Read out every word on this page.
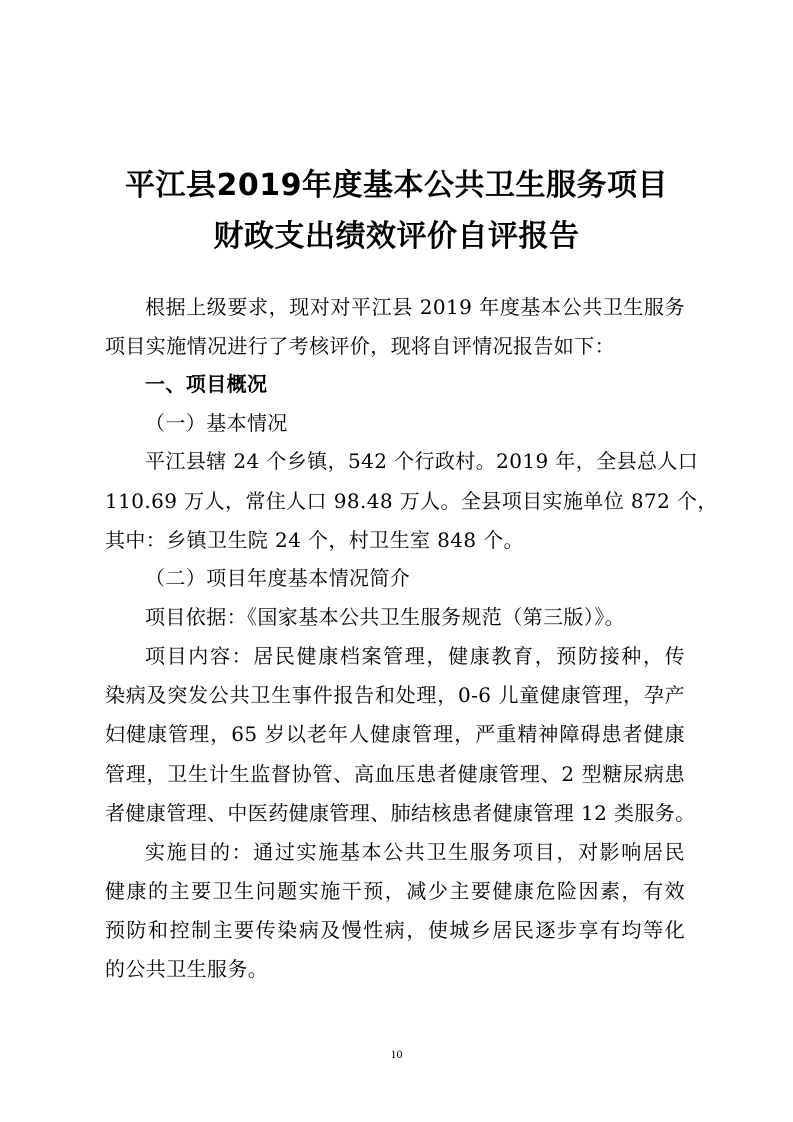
平江县2019年度基本公共卫生服务项目
财政支出绩效评价自评报告
根据上级要求，现对对平江县 2019 年度基本公共卫生服务
项目实施情况进行了考核评价，现将自评情况报告如下：
一、项目概况
（一）基本情况
平江县辖 24 个乡镇，542 个行政村。2019 年，全县总人口
110.69 万人，常住人口 98.48 万人。全县项目实施单位 872 个，
其中：乡镇卫生院 24 个，村卫生室 848 个。
（二）项目年度基本情况简介
项目依据：《国家基本公共卫生服务规范（第三版）》。
项目内容：居民健康档案管理，健康教育，预防接种，传
染病及突发公共卫生事件报告和处理，0-6 儿童健康管理，孕产
妇健康管理，65 岁以老年人健康管理，严重精神障碍患者健康
管理，卫生计生监督协管、高血压患者健康管理、2 型糖尿病患
者健康管理、中医药健康管理、肺结核患者健康管理 12 类服务。
实施目的：通过实施基本公共卫生服务项目，对影响居民
健康的主要卫生问题实施干预，减少主要健康危险因素，有效
预防和控制主要传染病及慢性病，使城乡居民逐步享有均等化
的公共卫生服务。
10
